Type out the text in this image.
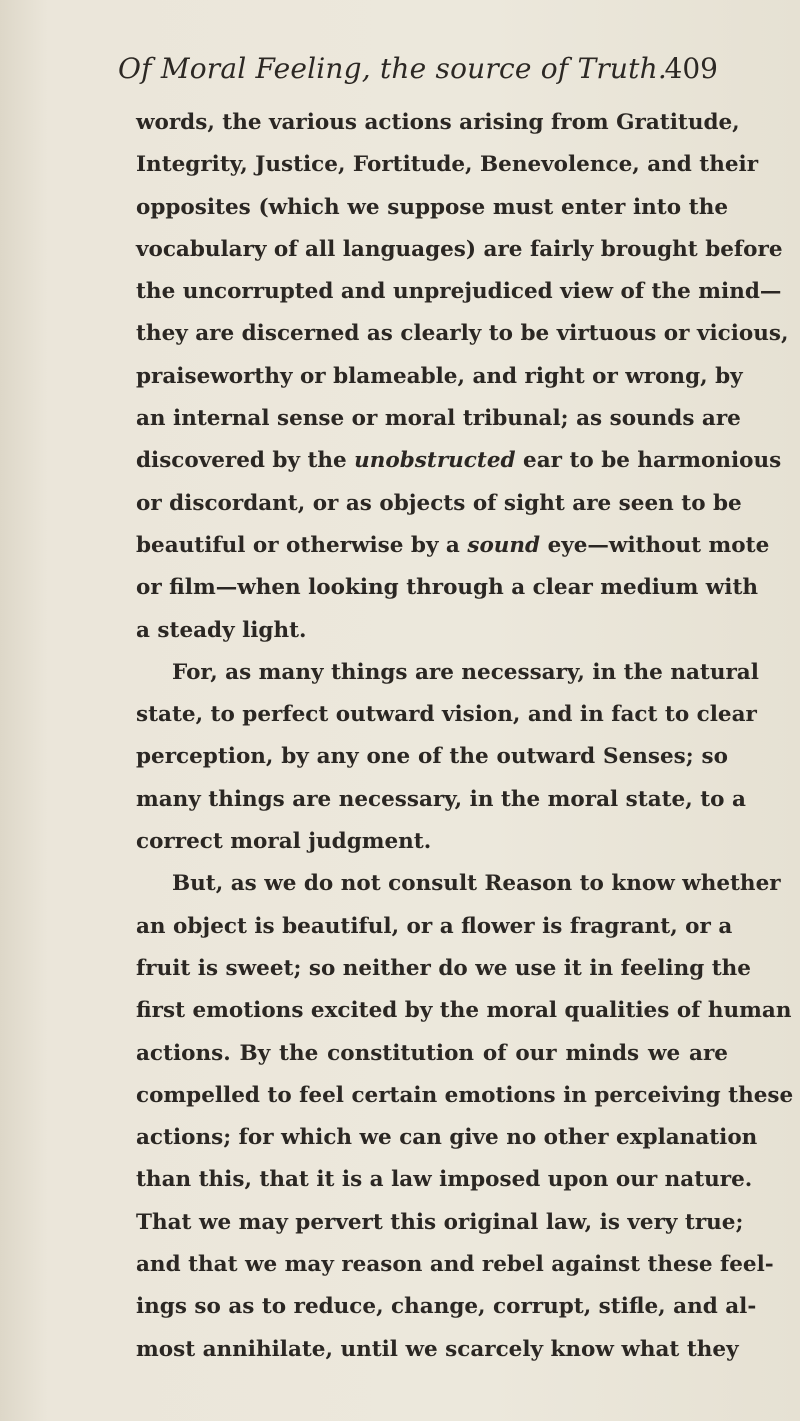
Of Moral Feeling, the source of Truth.
409
words, the various actions arising from Gratitude,
Integrity, Justice, Fortitude, Benevolence, and their
opposites (which we suppose must enter into the
vocabulary of all languages) are fairly brought before
the uncorrupted and unprejudiced view of the mind—
they are discerned as clearly to be virtuous or vicious,
praiseworthy or blameable, and right or wrong, by
an internal sense or moral tribunal; as sounds are
discovered by the unobstructed ear to be harmonious
or discordant, or as objects of sight are seen to be
beautiful or otherwise by a sound eye—without mote
or film—when looking through a clear medium with
a steady light.
For, as many things are necessary, in the natural
state, to perfect outward vision, and in fact to clear
perception, by any one of the outward Senses; so
many things are necessary, in the moral state, to a
correct moral judgment.
But, as we do not consult Reason to know whether
an object is beautiful, or a flower is fragrant, or a
fruit is sweet; so neither do we use it in feeling the
first emotions excited by the moral qualities of human
actions. By the constitution of our minds we are
compelled to feel certain emotions in perceiving these
actions; for which we can give no other explanation
than this, that it is a law imposed upon our nature.
That we may pervert this original law, is very true;
and that we may reason and rebel against these feel-
ings so as to reduce, change, corrupt, stifle, and al-
most annihilate, until we scarcely know what they
